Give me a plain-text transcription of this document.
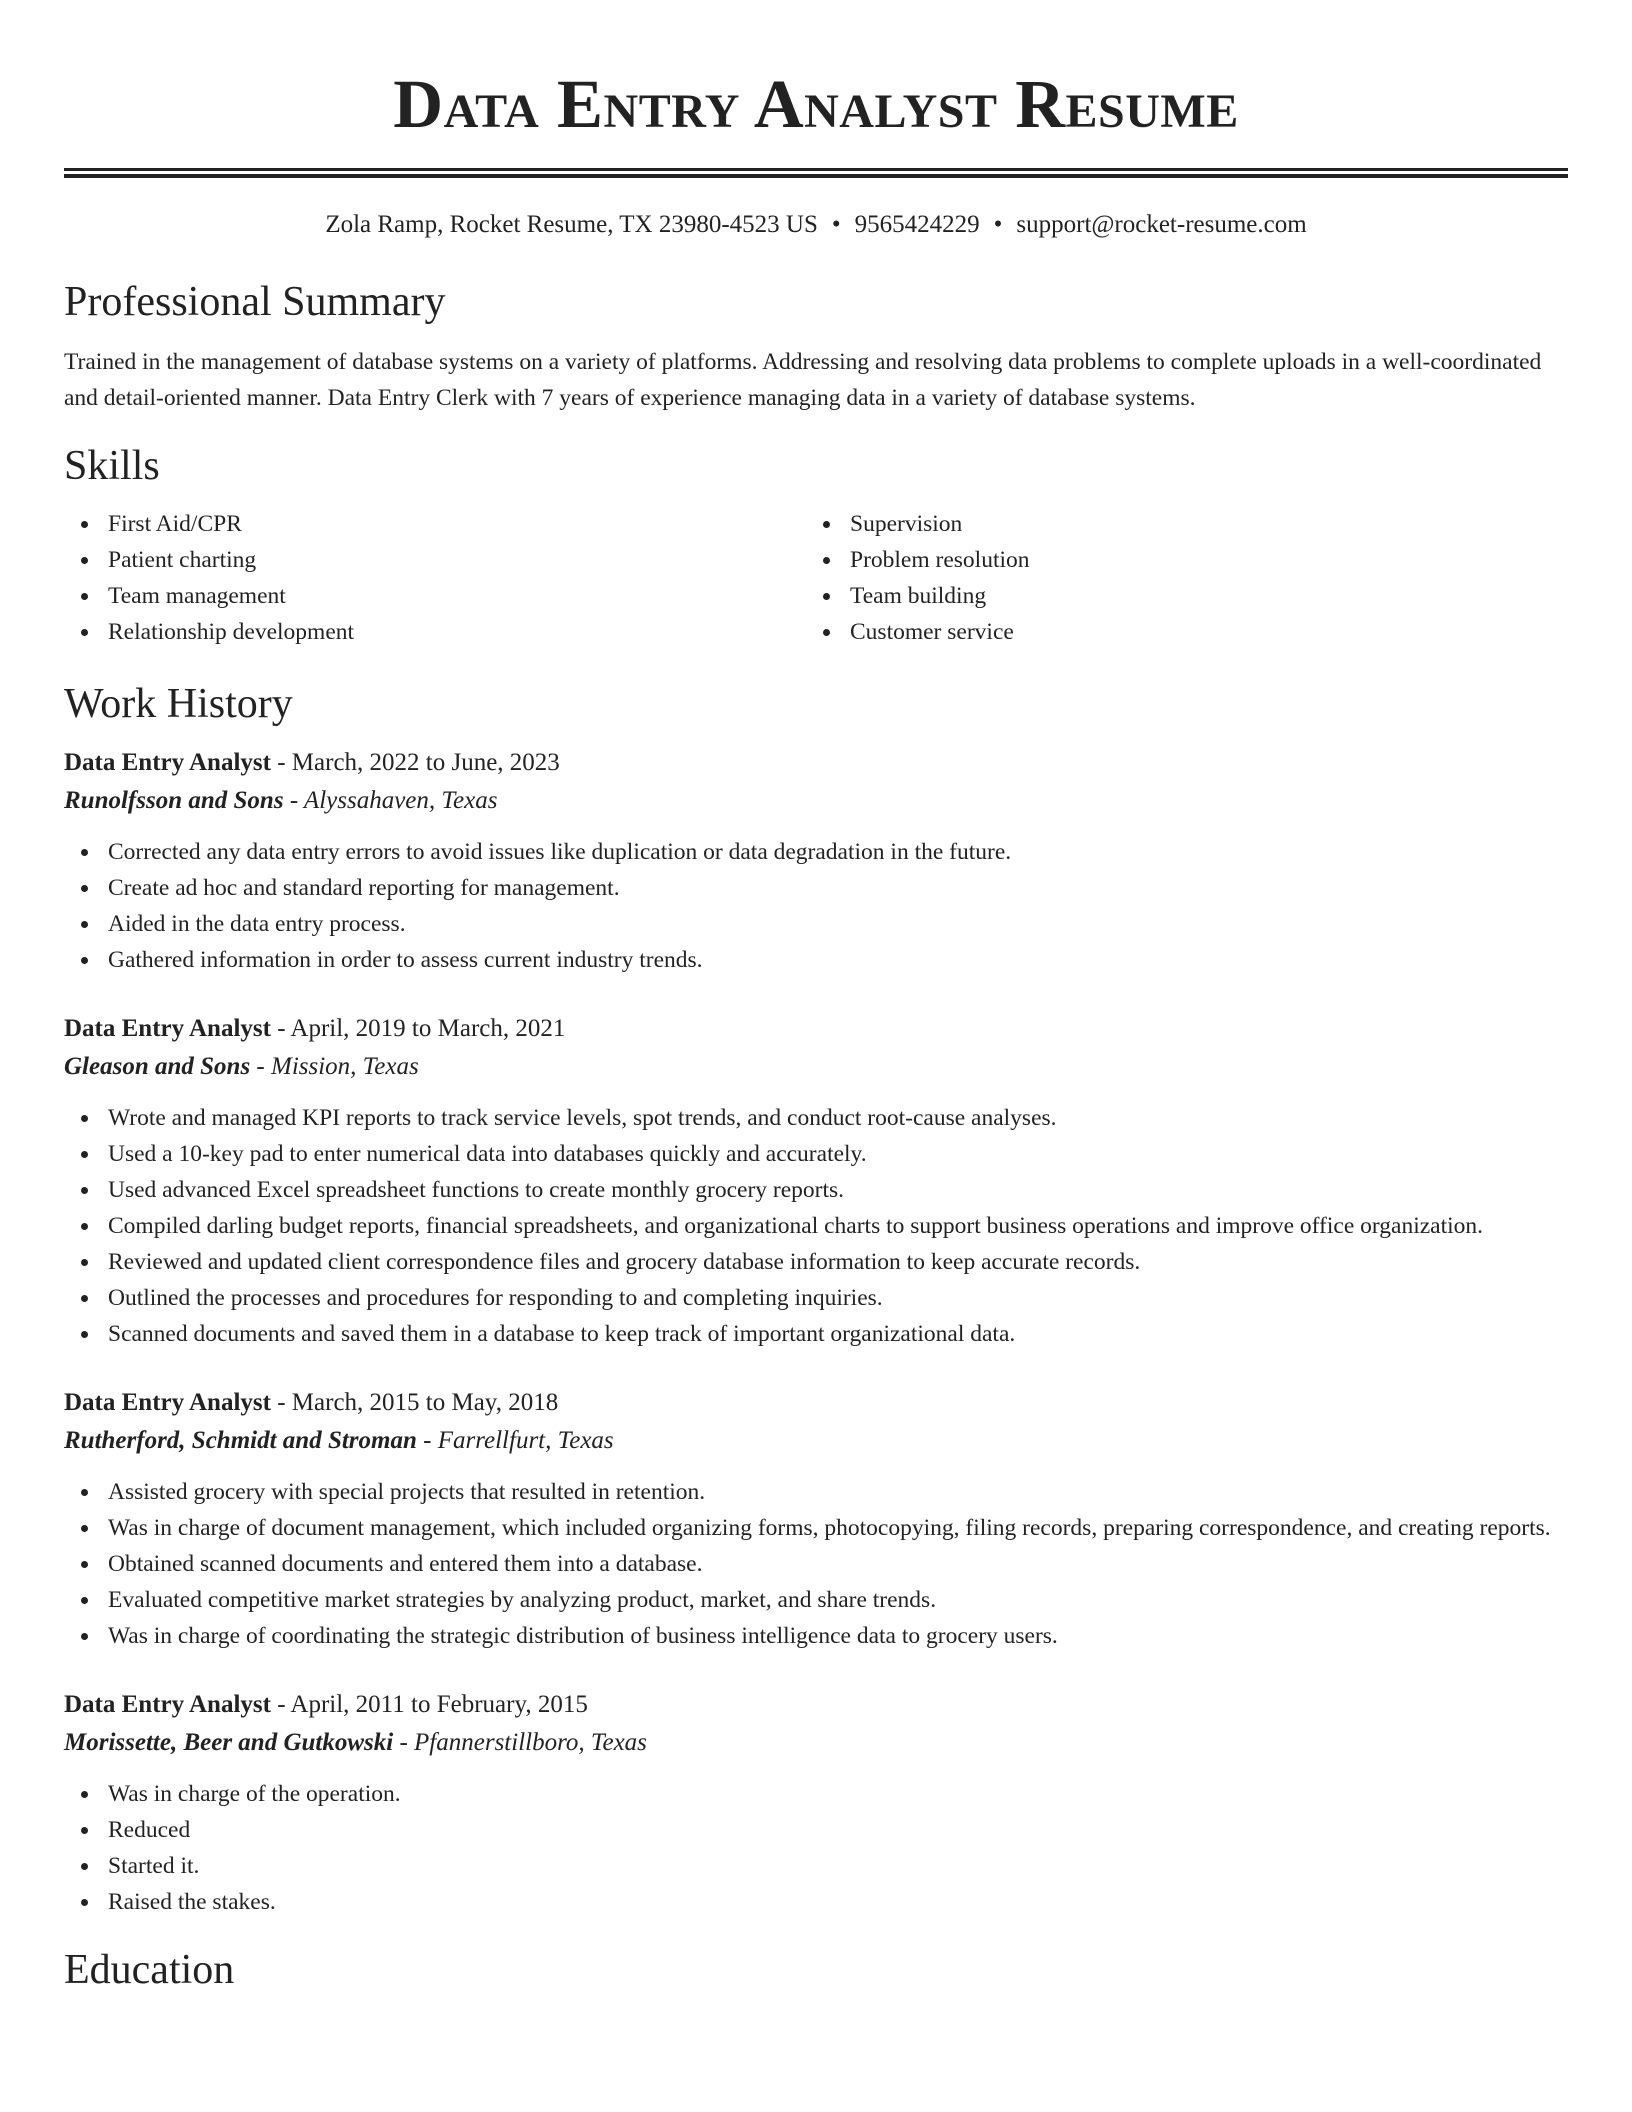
Data Entry Analyst Resume
Zola Ramp, Rocket Resume, TX 23980-4523 US • 9565424229 • support@rocket-resume.com
Professional Summary

Trained in the management of database systems on a variety of platforms. Addressing and resolving data problems to complete uploads in a well-coordinated and detail-oriented manner. Data Entry Clerk with 7 years of experience managing data in a variety of database systems.

Skills
First Aid/CPR
Patient charting
Team management
Relationship development
Supervision
Problem resolution
Team building
Customer service
Work History
Data Entry Analyst - March, 2022 to June, 2023
Runolfsson and Sons - Alyssahaven, Texas
Corrected any data entry errors to avoid issues like duplication or data degradation in the future.
Create ad hoc and standard reporting for management.
Aided in the data entry process.
Gathered information in order to assess current industry trends.
Data Entry Analyst - April, 2019 to March, 2021
Gleason and Sons - Mission, Texas
Wrote and managed KPI reports to track service levels, spot trends, and conduct root-cause analyses.
Used a 10-key pad to enter numerical data into databases quickly and accurately.
Used advanced Excel spreadsheet functions to create monthly grocery reports.
Compiled darling budget reports, financial spreadsheets, and organizational charts to support business operations and improve office organization.
Reviewed and updated client correspondence files and grocery database information to keep accurate records.
Outlined the processes and procedures for responding to and completing inquiries.
Scanned documents and saved them in a database to keep track of important organizational data.
Data Entry Analyst - March, 2015 to May, 2018
Rutherford, Schmidt and Stroman - Farrellfurt, Texas
Assisted grocery with special projects that resulted in retention.
Was in charge of document management, which included organizing forms, photocopying, filing records, preparing correspondence, and creating reports.
Obtained scanned documents and entered them into a database.
Evaluated competitive market strategies by analyzing product, market, and share trends.
Was in charge of coordinating the strategic distribution of business intelligence data to grocery users.
Data Entry Analyst - April, 2011 to February, 2015
Morissette, Beer and Gutkowski - Pfannerstillboro, Texas
Was in charge of the operation.
Reduced
Started it.
Raised the stakes.
Education
